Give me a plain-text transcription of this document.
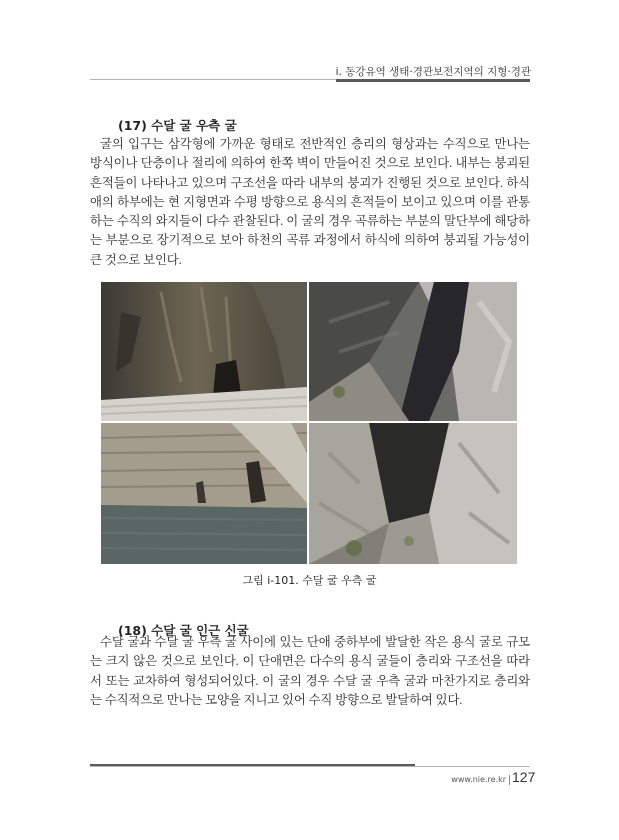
i. 동강유역 생태·경관보전지역의 지형·경관
(17) 수달 굴 우측 굴
굴의 입구는 삼각형에 가까운 형태로 전반적인 층리의 형상과는 수직으로 만나는 방식이나 단층이나 절리에 의하여 한쪽 벽이 만들어진 것으로 보인다. 내부는 붕괴된 흔적들이 나타나고 있으며 구조선을 따라 내부의 붕괴가 진행된 것으로 보인다. 하식애의 하부에는 현 지형면과 수평 방향으로 용식의 흔적들이 보이고 있으며 이를 관통하는 수직의 와지들이 다수 관찰된다. 이 굴의 경우 곡류하는 부분의 말단부에 해당하는 부분으로 장기적으로 보아 하천의 곡류 과정에서 하식에 의하여 붕괴될 가능성이 큰 것으로 보인다.
그림 i-101. 수달 굴 우측 굴
(18) 수달 굴 인근 신굴
수달 굴과 수달 굴 우측 굴 사이에 있는 단애 중하부에 발달한 작은 용식 굴로 규모는 크지 않은 것으로 보인다. 이 단애면은 다수의 용식 굴들이 층리와 구조선을 따라서 또는 교차하여 형성되어있다. 이 굴의 경우 수달 굴 우측 굴과 마찬가지로 층리와는 수직적으로 만나는 모양을 지니고 있어 수직 방향으로 발달하여 있다.
www.nie.re.kr 127
